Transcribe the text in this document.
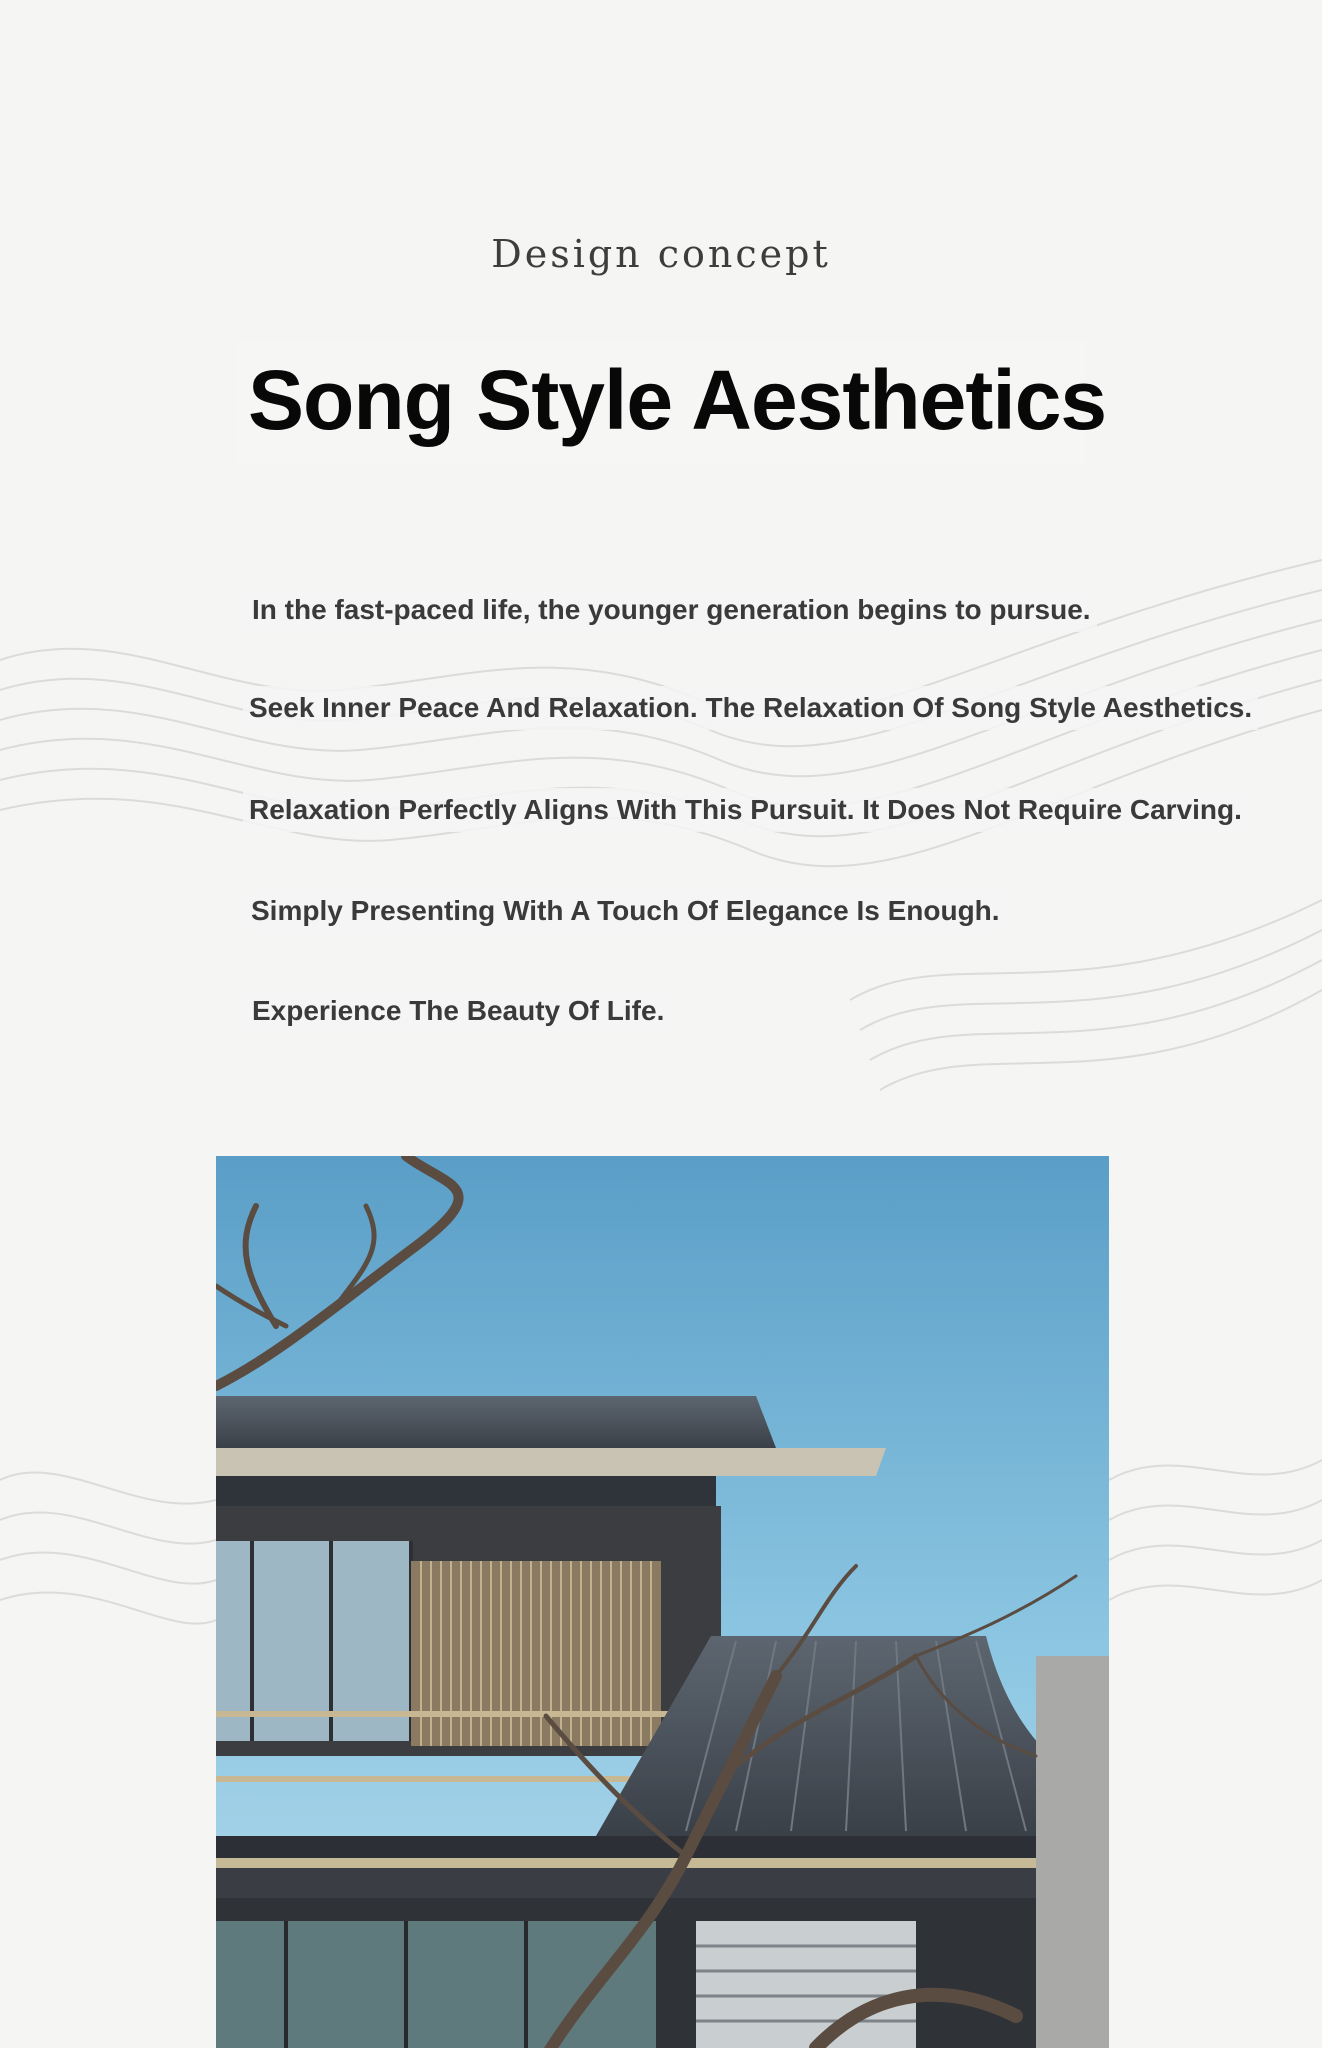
Design concept
Song Style Aesthetics
In the fast-paced life, the younger generation begins to pursue.
Seek Inner Peace And Relaxation. The Relaxation Of Song Style Aesthetics.
Relaxation Perfectly Aligns With This Pursuit. It Does Not Require Carving.
Simply Presenting With A Touch Of Elegance Is Enough.
Experience The Beauty Of Life.
